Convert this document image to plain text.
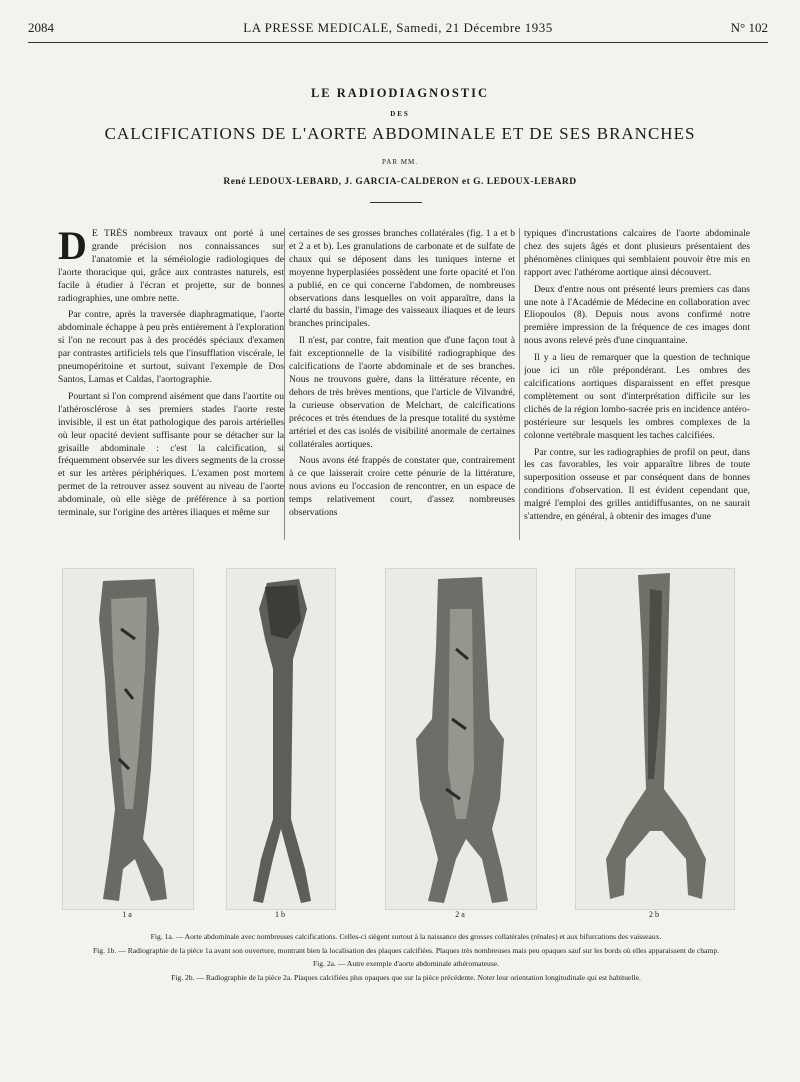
2084	LA PRESSE MEDICALE, Samedi, 21 Décembre 1935	N° 102
LE RADIODIAGNOSTIC
DES
CALCIFICATIONS DE L'AORTE ABDOMINALE ET DE SES BRANCHES
PAR MM.
René LEDOUX-LEBARD, J. GARCIA-CALDERON et G. LEDOUX-LEBARD

D E TRÈS nombreux travaux ont porté à une grande précision nos connaissances sur l'anatomie et la séméiologie radiologiques de l'aorte thoracique qui, grâce aux contrastes naturels, est facile à étudier à l'écran et projette, sur de bonnes radiographies, une ombre nette.

Par contre, après la traversée diaphragmatique, l'aorte abdominale échappe à peu près entièrement à l'exploration si l'on ne recourt pas à des procédés spéciaux d'examen par contrastes artificiels tels que l'insufflation viscérale, le pneumopéritoine et surtout, suivant l'exemple de Dos Santos, Lamas et Caldas, l'aortographie.

Pourtant si l'on comprend aisément que dans l'aortite ou l'athérosclérose à ses premiers stades l'aorte reste invisible, il est un état pathologique des parois artérielles où leur opacité devient suffisante pour se détacher sur la grisaille abdominale : c'est la calcification, si fréquemment observée sur les divers segments de la crosse et sur les artères périphériques. L'examen post mortem permet de la retrouver assez souvent au niveau de l'aorte abdominale, où elle siège de préférence à sa portion terminale, sur l'origine des artères iliaques et même sur

certaines de ses grosses branches collatérales (fig. 1 a et b et 2 a et b). Les granulations de carbonate et de sulfate de chaux qui se déposent dans les tuniques interne et moyenne hyperplasiées possèdent une forte opacité et l'on a publié, en ce qui concerne l'abdomen, de nombreuses observations dans lesquelles on voit apparaître, dans la clarté du bassin, l'image des vaisseaux iliaques et de leurs branches principales.

Il n'est, par contre, fait mention que d'une façon tout à fait exceptionnelle de la visibilité radiographique des calcifications de l'aorte abdominale et de ses branches. Nous ne trouvons guère, dans la littérature récente, en dehors de très brèves mentions, que l'article de Vilvandré, la curieuse observation de Melchart, de calcifications précoces et très étendues de la presque totalité du système artériel et des cas isolés de visibilité anormale de certaines collatérales aortiques.

Nous avons été frappés de constater que, contrairement à ce que laisserait croire cette pénurie de la littérature, nous avions eu l'occasion de rencontrer, en un espace de temps relativement court, d'assez nombreuses observations

typiques d'incrustations calcaires de l'aorte abdominale chez des sujets âgés et dont plusieurs présentaient des phénomènes cliniques qui semblaient pouvoir être mis en rapport avec l'athérome aortique ainsi découvert.

Deux d'entre nous ont présenté leurs premiers cas dans une note à l'Académie de Médecine en collaboration avec Eliopoulos (8). Depuis nous avons confirmé notre première impression de la fréquence de ces images dont nous avons relevé près d'une cinquantaine.

Il y a lieu de remarquer que la question de technique joue ici un rôle prépondérant. Les ombres des calcifications aortiques disparaissent en effet presque complètement ou sont d'interprétation difficile sur les clichés de la région lombo-sacrée pris en incidence antéro-postérieure sur lesquels les ombres complexes de la colonne vertébrale masquent les taches calcifiées.

Par contre, sur les radiographies de profil on peut, dans les cas favorables, les voir apparaître libres de toute superposition osseuse et par conséquent dans de bonnes conditions d'observation. Il est évident cependant que, malgré l'emploi des grilles antidiffusantes, on ne saurait s'attendre, en général, à obtenir des images d'une

1 a	1 b	2 a	2 b
Fig. 1a. — Aorte abdominale avec nombreuses calcifications. Celles-ci siègent surtout à la naissance des grosses collatérales (rénales) et aux bifurcations des vaisseaux.
Fig. 1b. — Radiographie de la pièce 1a avant son ouverture, montrant bien la localisation des plaques calcifiées. Plaques très nombreuses mais peu opaques sauf sur les bords où elles apparaissent de champ.
Fig. 2a. — Autre exemple d'aorte abdominale athéromateuse.
Fig. 2b. — Radiographie de la pièce 2a. Plaques calcifiées plus opaques que sur la pièce précédente. Noter leur orientation longitudinale qui est habituelle.
